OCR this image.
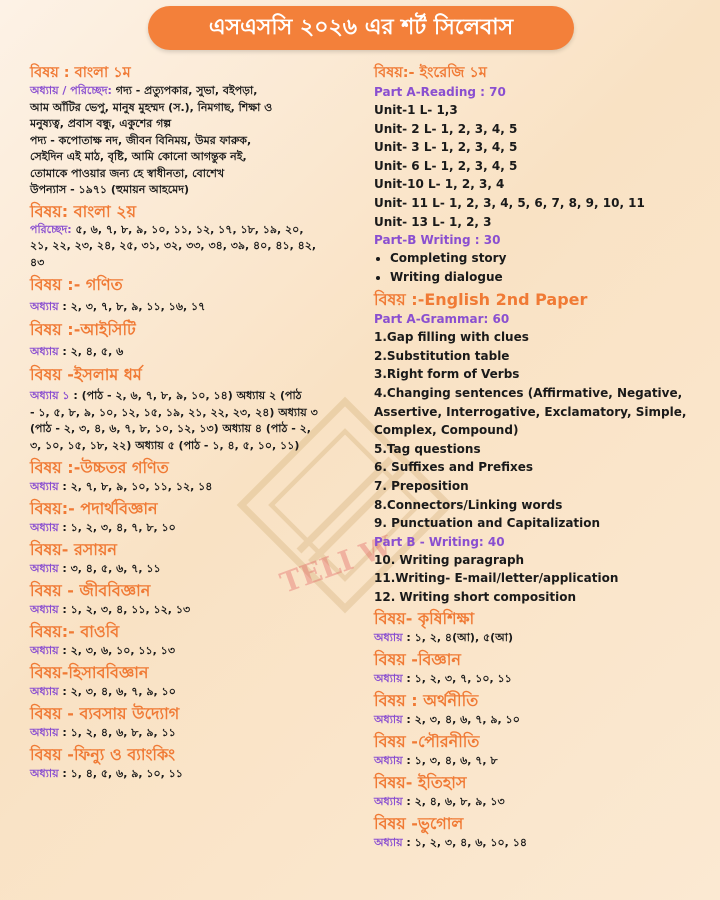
এসএসসি ২০২৬ এর শর্ট সিলেবাস
TELI W
বিষয় : বাংলা ১ম
অধ্যায় / পরিচ্ছেদ: গদ্য - প্রত্যুপকার, সুভা, বইপড়া,
আম আঁটির ভেপু, মানুষ মুহম্মদ (স.), নিমগাছ, শিক্ষা ও
মনুষ্যত্ব, প্রবাস বন্ধু, একুশের গল্প
পদ্য - কপোতাক্ষ নদ, জীবন বিনিময়, উমর ফারুক,
সেইদিন এই মাঠ, বৃষ্টি, আমি কোনো আগন্তুক নই,
তোমাকে পাওয়ার জন্য হে স্বাধীনতা, বোশেখ
উপন্যাস - ১৯৭১ (হুমায়ন আহমেদ)
বিষয়: বাংলা ২য়
পরিচ্ছেদ: ৫, ৬, ৭, ৮, ৯, ১০, ১১, ১২, ১৭, ১৮, ১৯, ২০,
২১, ২২, ২৩, ২৪, ২৫, ৩১, ৩২, ৩৩, ৩৪, ৩৯, ৪০, ৪১, ৪২,
৪৩
বিষয় :- গণিত
অধ্যায় : ২, ৩, ৭, ৮, ৯, ১১, ১৬, ১৭
বিষয় :-আইসিটি
অধ্যায় : ২, ৪, ৫, ৬
বিষয় -ইসলাম ধর্ম
অধ্যায় ১ : (পাঠ - ২, ৬, ৭, ৮, ৯, ১০, ১৪) অধ্যায় ২ (পাঠ
- ১, ৫, ৮, ৯, ১০, ১২, ১৫, ১৯, ২১, ২২, ২৩, ২৪) অধ্যায় ৩
(পাঠ - ২, ৩, ৪, ৬, ৭, ৮, ১০, ১২, ১৩) অধ্যায় ৪ (পাঠ - ২,
৩, ১০, ১৫, ১৮, ২২) অধ্যায় ৫ (পাঠ - ১, ৪, ৫, ১০, ১১)
বিষয় :-উচ্চতর গণিত
অধ্যায় : ২, ৭, ৮, ৯, ১০, ১১, ১২, ১৪
বিষয়:- পদার্থবিজ্ঞান
অধ্যায় : ১, ২, ৩, ৪, ৭, ৮, ১০
বিষয়- রসায়ন
অধ্যায় : ৩, ৪, ৫, ৬, ৭, ১১
বিষয় - জীববিজ্ঞান
অধ্যায় : ১, ২, ৩, ৪, ১১, ১২, ১৩
বিষয়:- বাওবি
অধ্যায় : ২, ৩, ৬, ১০, ১১, ১৩
বিষয়-হিসাববিজ্ঞান
অধ্যায় : ২, ৩, ৪, ৬, ৭, ৯, ১০
বিষয় - ব্যবসায় উদ্যোগ
অধ্যায় : ১, ২, ৪, ৬, ৮, ৯, ১১
বিষয় -ফিন্যু ও ব্যাংকিং
অধ্যায় : ১, ৪, ৫, ৬, ৯, ১০, ১১
বিষয়:- ইংরেজি ১ম
Part A-Reading : 70
Unit-1 L- 1,3
Unit- 2 L- 1, 2, 3, 4, 5
Unit- 3 L- 1, 2, 3, 4, 5
Unit- 6 L- 1, 2, 3, 4, 5
Unit-10 L- 1, 2, 3, 4
Unit- 11 L- 1, 2, 3, 4, 5, 6, 7, 8, 9, 10, 11
Unit- 13 L- 1, 2, 3
Part-B Writing : 30
• Completing story
• Writing dialogue
বিষয় :-English 2nd Paper
Part A-Grammar: 60
1.Gap filling with clues
2.Substitution table
3.Right form of Verbs
4.Changing sentences (Affirmative, Negative,
Assertive, Interrogative, Exclamatory, Simple,
Complex, Compound)
5.Tag questions
6. Suffixes and Prefixes
7. Preposition
8.Connectors/Linking words
9. Punctuation and Capitalization
Part B - Writing: 40
10. Writing paragraph
11.Writing- E-mail/letter/application
12. Writing short composition
বিষয়- কৃষিশিক্ষা
অধ্যায় : ১, ২, ৪(আ), ৫(আ)
বিষয় -বিজ্ঞান
অধ্যায় : ১, ২, ৩, ৭, ১০, ১১
বিষয় : অর্থনীতি
অধ্যায় : ২, ৩, ৪, ৬, ৭, ৯, ১০
বিষয় -পৌরনীতি
অধ্যায় : ১, ৩, ৪, ৬, ৭, ৮
বিষয়- ইতিহাস
অধ্যায় : ২, ৪, ৬, ৮, ৯, ১৩
বিষয় -ভুগোল
অধ্যায় : ১, ২, ৩, ৪, ৬, ১০, ১৪
